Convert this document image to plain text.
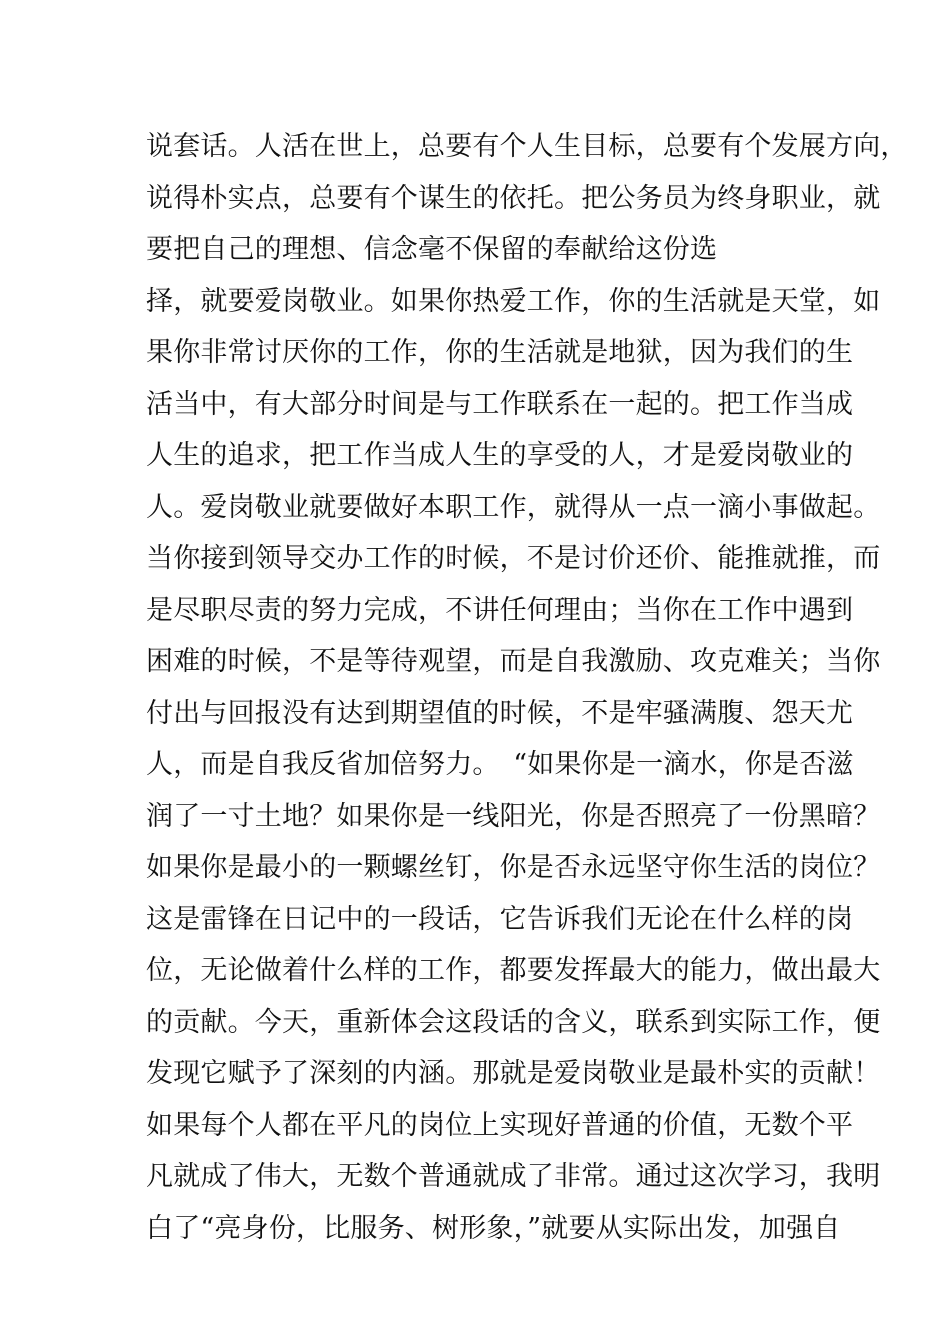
说套话。人活在世上，总要有个人生目标，总要有个发展方向，
说得朴实点，总要有个谋生的依托。把公务员为终身职业，就
要把自己的理想、信念毫不保留的奉献给这份选
择，就要爱岗敬业。如果你热爱工作，你的生活就是天堂，如
果你非常讨厌你的工作，你的生活就是地狱，因为我们的生
活当中，有大部分时间是与工作联系在一起的。把工作当成
人生的追求，把工作当成人生的享受的人，才是爱岗敬业的
人。爱岗敬业就要做好本职工作，就得从一点一滴小事做起。
当你接到领导交办工作的时候，不是讨价还价、能推就推，而
是尽职尽责的努力完成，不讲任何理由；当你在工作中遇到
困难的时候，不是等待观望，而是自我激励、攻克难关；当你
付出与回报没有达到期望值的时候，不是牢骚满腹、怨天尤
人，而是自我反省加倍努力。　“如果你是一滴水，你是否滋
润了一寸土地？如果你是一线阳光，你是否照亮了一份黑暗？
如果你是最小的一颗螺丝钉，你是否永远坚守你生活的岗位？
这是雷锋在日记中的一段话，它告诉我们无论在什么样的岗
位，无论做着什么样的工作，都要发挥最大的能力，做出最大
的贡献。今天，重新体会这段话的含义，联系到实际工作，便
发现它赋予了深刻的内涵。那就是爱岗敬业是最朴实的贡献！
如果每个人都在平凡的岗位上实现好普通的价值，无数个平
凡就成了伟大，无数个普通就成了非常。通过这次学习，我明
白了“亮身份，比服务、树形象，”就要从实际出发，加强自
